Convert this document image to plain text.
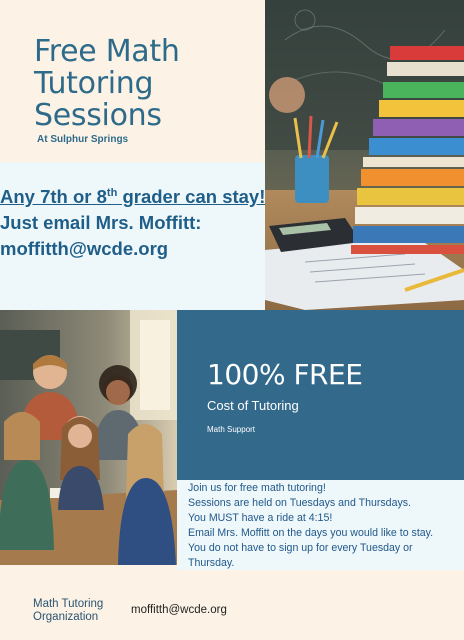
Free Math
Tutoring
Sessions
At Sulphur Springs
Any 7th or 8th grader can stay!
Just email Mrs. Moffitt:
moffitth@wcde.org
100% FREE
Cost of Tutoring
Math Support
Join us for free math tutoring!
Sessions are held on Tuesdays and Thursdays.
You MUST have a ride at 4:15!
Email Mrs. Moffitt on the days you would like to stay.
You do not have to sign up for every Tuesday or
Thursday.
Math Tutoring
Organization
moffitth@wcde.org
